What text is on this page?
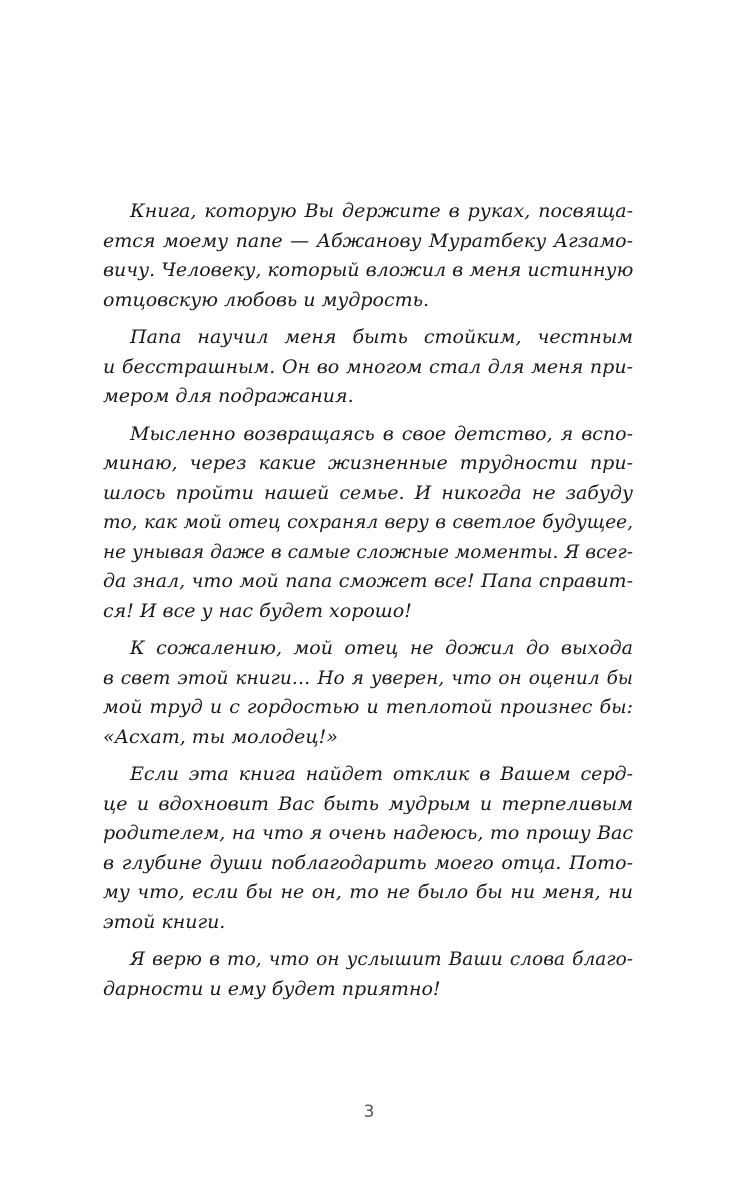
Книга, которую Вы держите в руках, посвяща-
ется моему папе — Абжанову Муратбеку Агзамо-
вичу. Человеку, который вложил в меня истинную
отцовскую любовь и мудрость.

Папа научил меня быть стойким, честным
и бесстрашным. Он во многом стал для меня при-
мером для подражания.

Мысленно возвращаясь в свое детство, я вспо-
минаю, через какие жизненные трудности при-
шлось пройти нашей семье. И никогда не забуду
то, как мой отец сохранял веру в светлое будущее,
не унывая даже в самые сложные моменты. Я всег-
да знал, что мой папа сможет все! Папа справит-
ся! И все у нас будет хорошо!

К сожалению, мой отец не дожил до выхода
в свет этой книги… Но я уверен, что он оценил бы
мой труд и с гордостью и теплотой произнес бы:
«Асхат, ты молодец!»

Если эта книга найдет отклик в Вашем серд-
це и вдохновит Вас быть мудрым и терпеливым
родителем, на что я очень надеюсь, то прошу Вас
в глубине души поблагодарить моего отца. Пото-
му что, если бы не он, то не было бы ни меня, ни
этой книги.

Я верю в то, что он услышит Ваши слова благо-
дарности и ему будет приятно!

3
